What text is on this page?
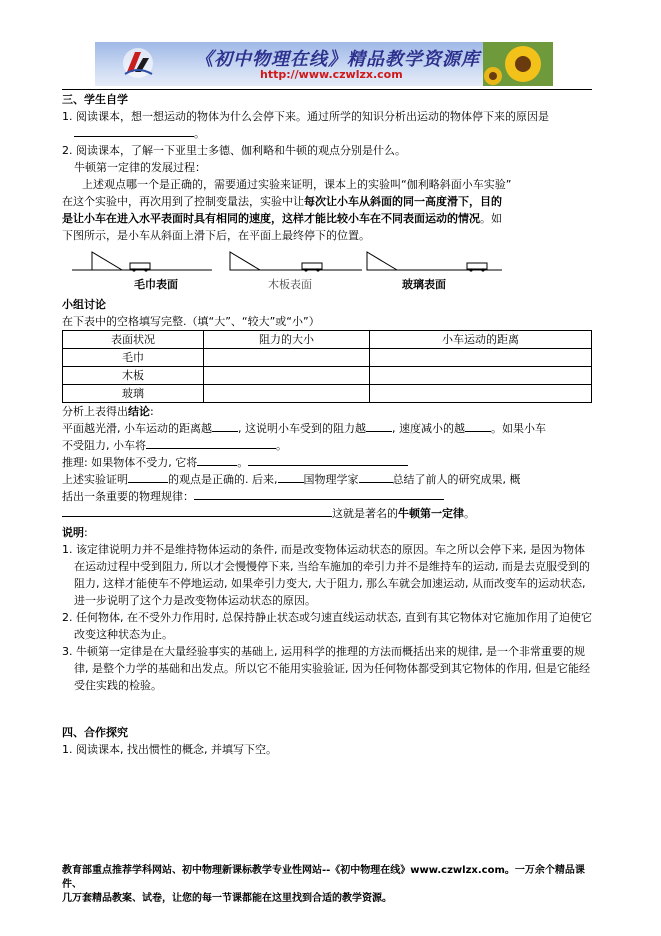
《初中物理在线》精品教学资源库
http://www.czwlzx.com

三、学生自学

1. 阅读课本，想一想运动的物体为什么会停下来。通过所学的知识分析出运动的物体停下来的原因是

。

2. 阅读课本，了解一下亚里士多德、伽利略和牛顿的观点分别是什么。

牛顿第一定律的发展过程：

上述观点哪一个是正确的，需要通过实验来证明，课本上的实验叫“伽利略斜面小车实验”

在这个实验中，再次用到了控制变量法，实验中让每次让小车从斜面的同一高度滑下，目的

是让小车在进入水平表面时具有相同的速度，这样才能比较小车在不同表面运动的情况。如

下图所示，是小车从斜面上滑下后，在平面上最终停下的位置。

毛巾表面	木板表面	玻璃表面

小组讨论

在下表中的空格填写完整.（填“大”、“较大”或“小”）

表面状况	阻力的大小	小车运动的距离
毛巾		
木板		
玻璃		

分析上表得出结论:

平面越光滑, 小车运动的距离越 , 这说明小车受到的阻力越 , 速度减小的越 。如果小车

不受阻力, 小车将	。

推理: 如果物体不受力, 它将	。

上述实验证明	的观点是正确的. 后来, 国物理学家	总结了前人的研究成果, 概

括出一条重要的物理规律：

这就是著名的牛顿第一定律。

说明:

1. 该定律说明力并不是维持物体运动的条件, 而是改变物体运动状态的原因。车之所以会停下来, 是因为物体在运动过程中受到阻力, 所以才会慢慢停下来, 当给车施加的牵引力并不是维持车的运动, 而是去克服受到的阻力, 这样才能使车不停地运动, 如果牵引力变大, 大于阻力, 那么车就会加速运动, 从而改变车的运动状态, 进一步说明了这个力是改变物体运动状态的原因。

2. 任何物体, 在不受外力作用时, 总保持静止状态或匀速直线运动状态, 直到有其它物体对它施加作用了迫使它改变这种状态为止。

3. 牛顿第一定律是在大量经验事实的基础上, 运用科学的推理的方法而概括出来的规律, 是一个非常重要的规律, 是整个力学的基础和出发点。所以它不能用实验验证, 因为任何物体都受到其它物体的作用, 但是它能经受住实践的检验。

四、合作探究

1. 阅读课本, 找出惯性的概念, 并填写下空。

教育部重点推荐学科网站、初中物理新课标教学专业性网站--《初中物理在线》www.czwlzx.com。一万余个精品课件、
几万套精品教案、试卷，让您的每一节课都能在这里找到合适的教学资源。
